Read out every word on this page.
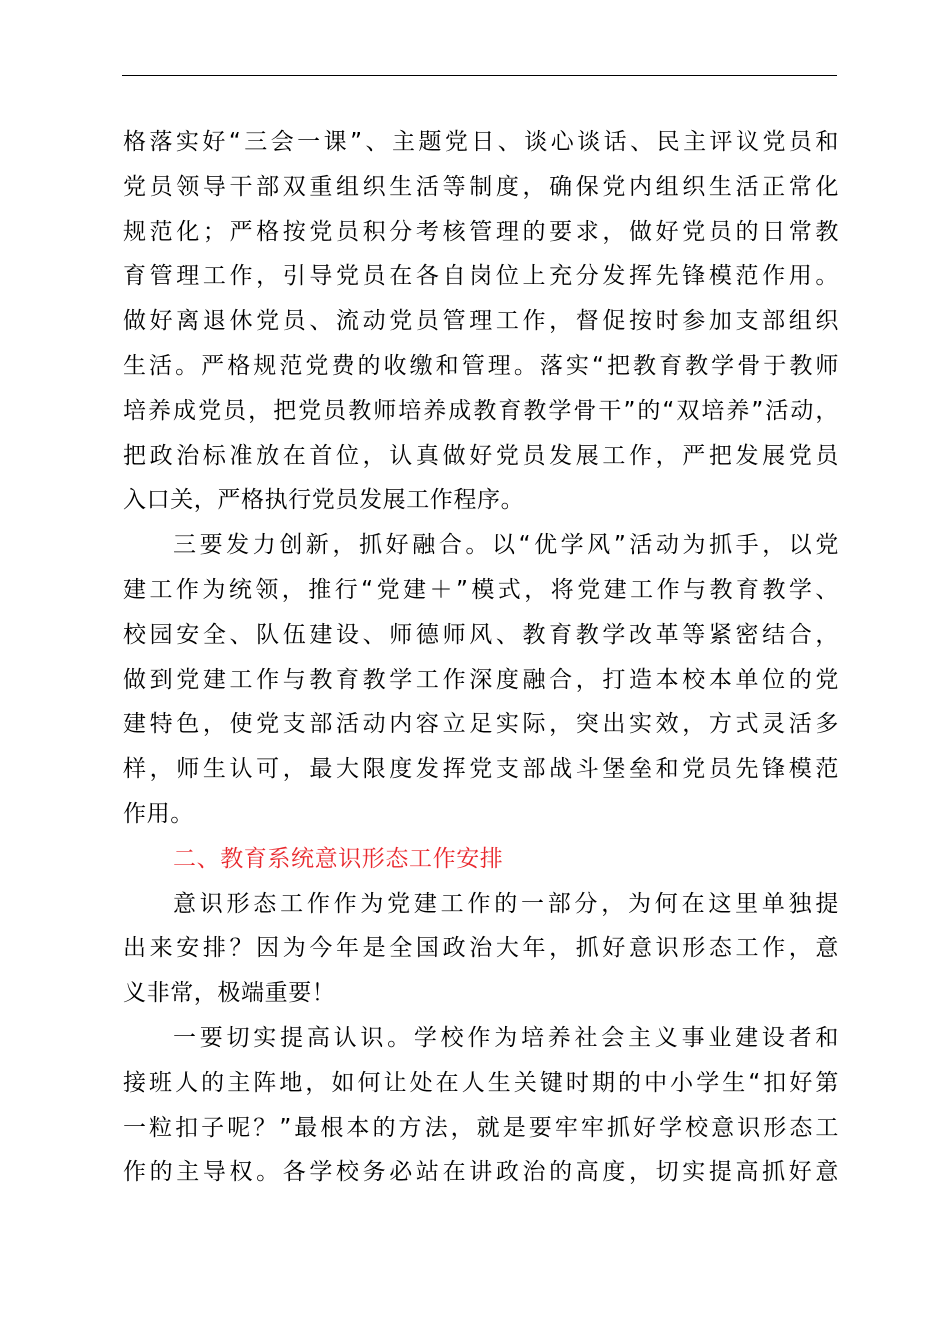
格落实好“三会一课”、主题党日、谈心谈话、民主评议党员和
党员领导干部双重组织生活等制度，确保党内组织生活正常化
规范化；严格按党员积分考核管理的要求，做好党员的日常教
育管理工作，引导党员在各自岗位上充分发挥先锋模范作用。
做好离退休党员、流动党员管理工作，督促按时参加支部组织
生活。严格规范党费的收缴和管理。落实“把教育教学骨于教师
培养成党员，把党员教师培养成教育教学骨干”的“双培养”活动，
把政治标准放在首位，认真做好党员发展工作，严把发展党员
入口关，严格执行党员发展工作程序。
三要发力创新，抓好融合。以“优学风”活动为抓手，以党
建工作为统领，推行“党建＋”模式，将党建工作与教育教学、
校园安全、队伍建设、师德师风、教育教学改革等紧密结合，
做到党建工作与教育教学工作深度融合，打造本校本单位的党
建特色，使党支部活动内容立足实际，突出实效，方式灵活多
样，师生认可，最大限度发挥党支部战斗堡垒和党员先锋模范
作用。
二、教育系统意识形态工作安排
意识形态工作作为党建工作的一部分，为何在这里单独提
出来安排？因为今年是全国政治大年，抓好意识形态工作，意
义非常，极端重要！
一要切实提高认识。学校作为培养社会主义事业建设者和
接班人的主阵地，如何让处在人生关键时期的中小学生“扣好第
一粒扣子呢？”最根本的方法，就是要牢牢抓好学校意识形态工
作的主导权。各学校务必站在讲政治的高度，切实提高抓好意
